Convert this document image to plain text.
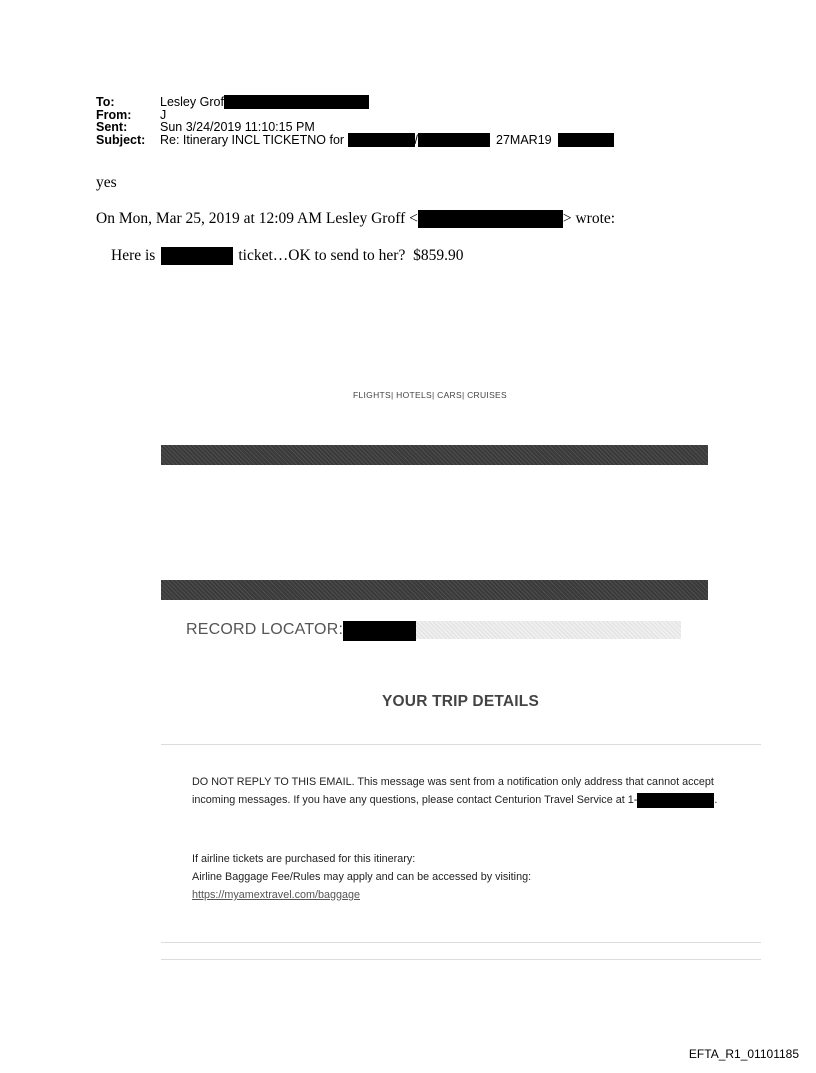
To:	Lesley Grof
From:	J
Sent:	Sun 3/24/2019 11:10:15 PM
Subject:	Re: Itinerary INCL TICKETNO for	/	27MAR19
yes
On Mon, Mar 25, 2019 at 12:09 AM Lesley Groff <	> wrote:
Here is	ticket…OK to send to her?  $859.90
FLIGHTS| HOTELS| CARS| CRUISES
RECORD LOCATOR:
YOUR TRIP DETAILS
DO NOT REPLY TO THIS EMAIL. This message was sent from a notification only address that cannot accept incoming messages. If you have any questions, please contact Centurion Travel Service at 1-	.
If airline tickets are purchased for this itinerary:
Airline Baggage Fee/Rules may apply and can be accessed by visiting:
https://myamextravel.com/baggage
EFTA_R1_01101185
